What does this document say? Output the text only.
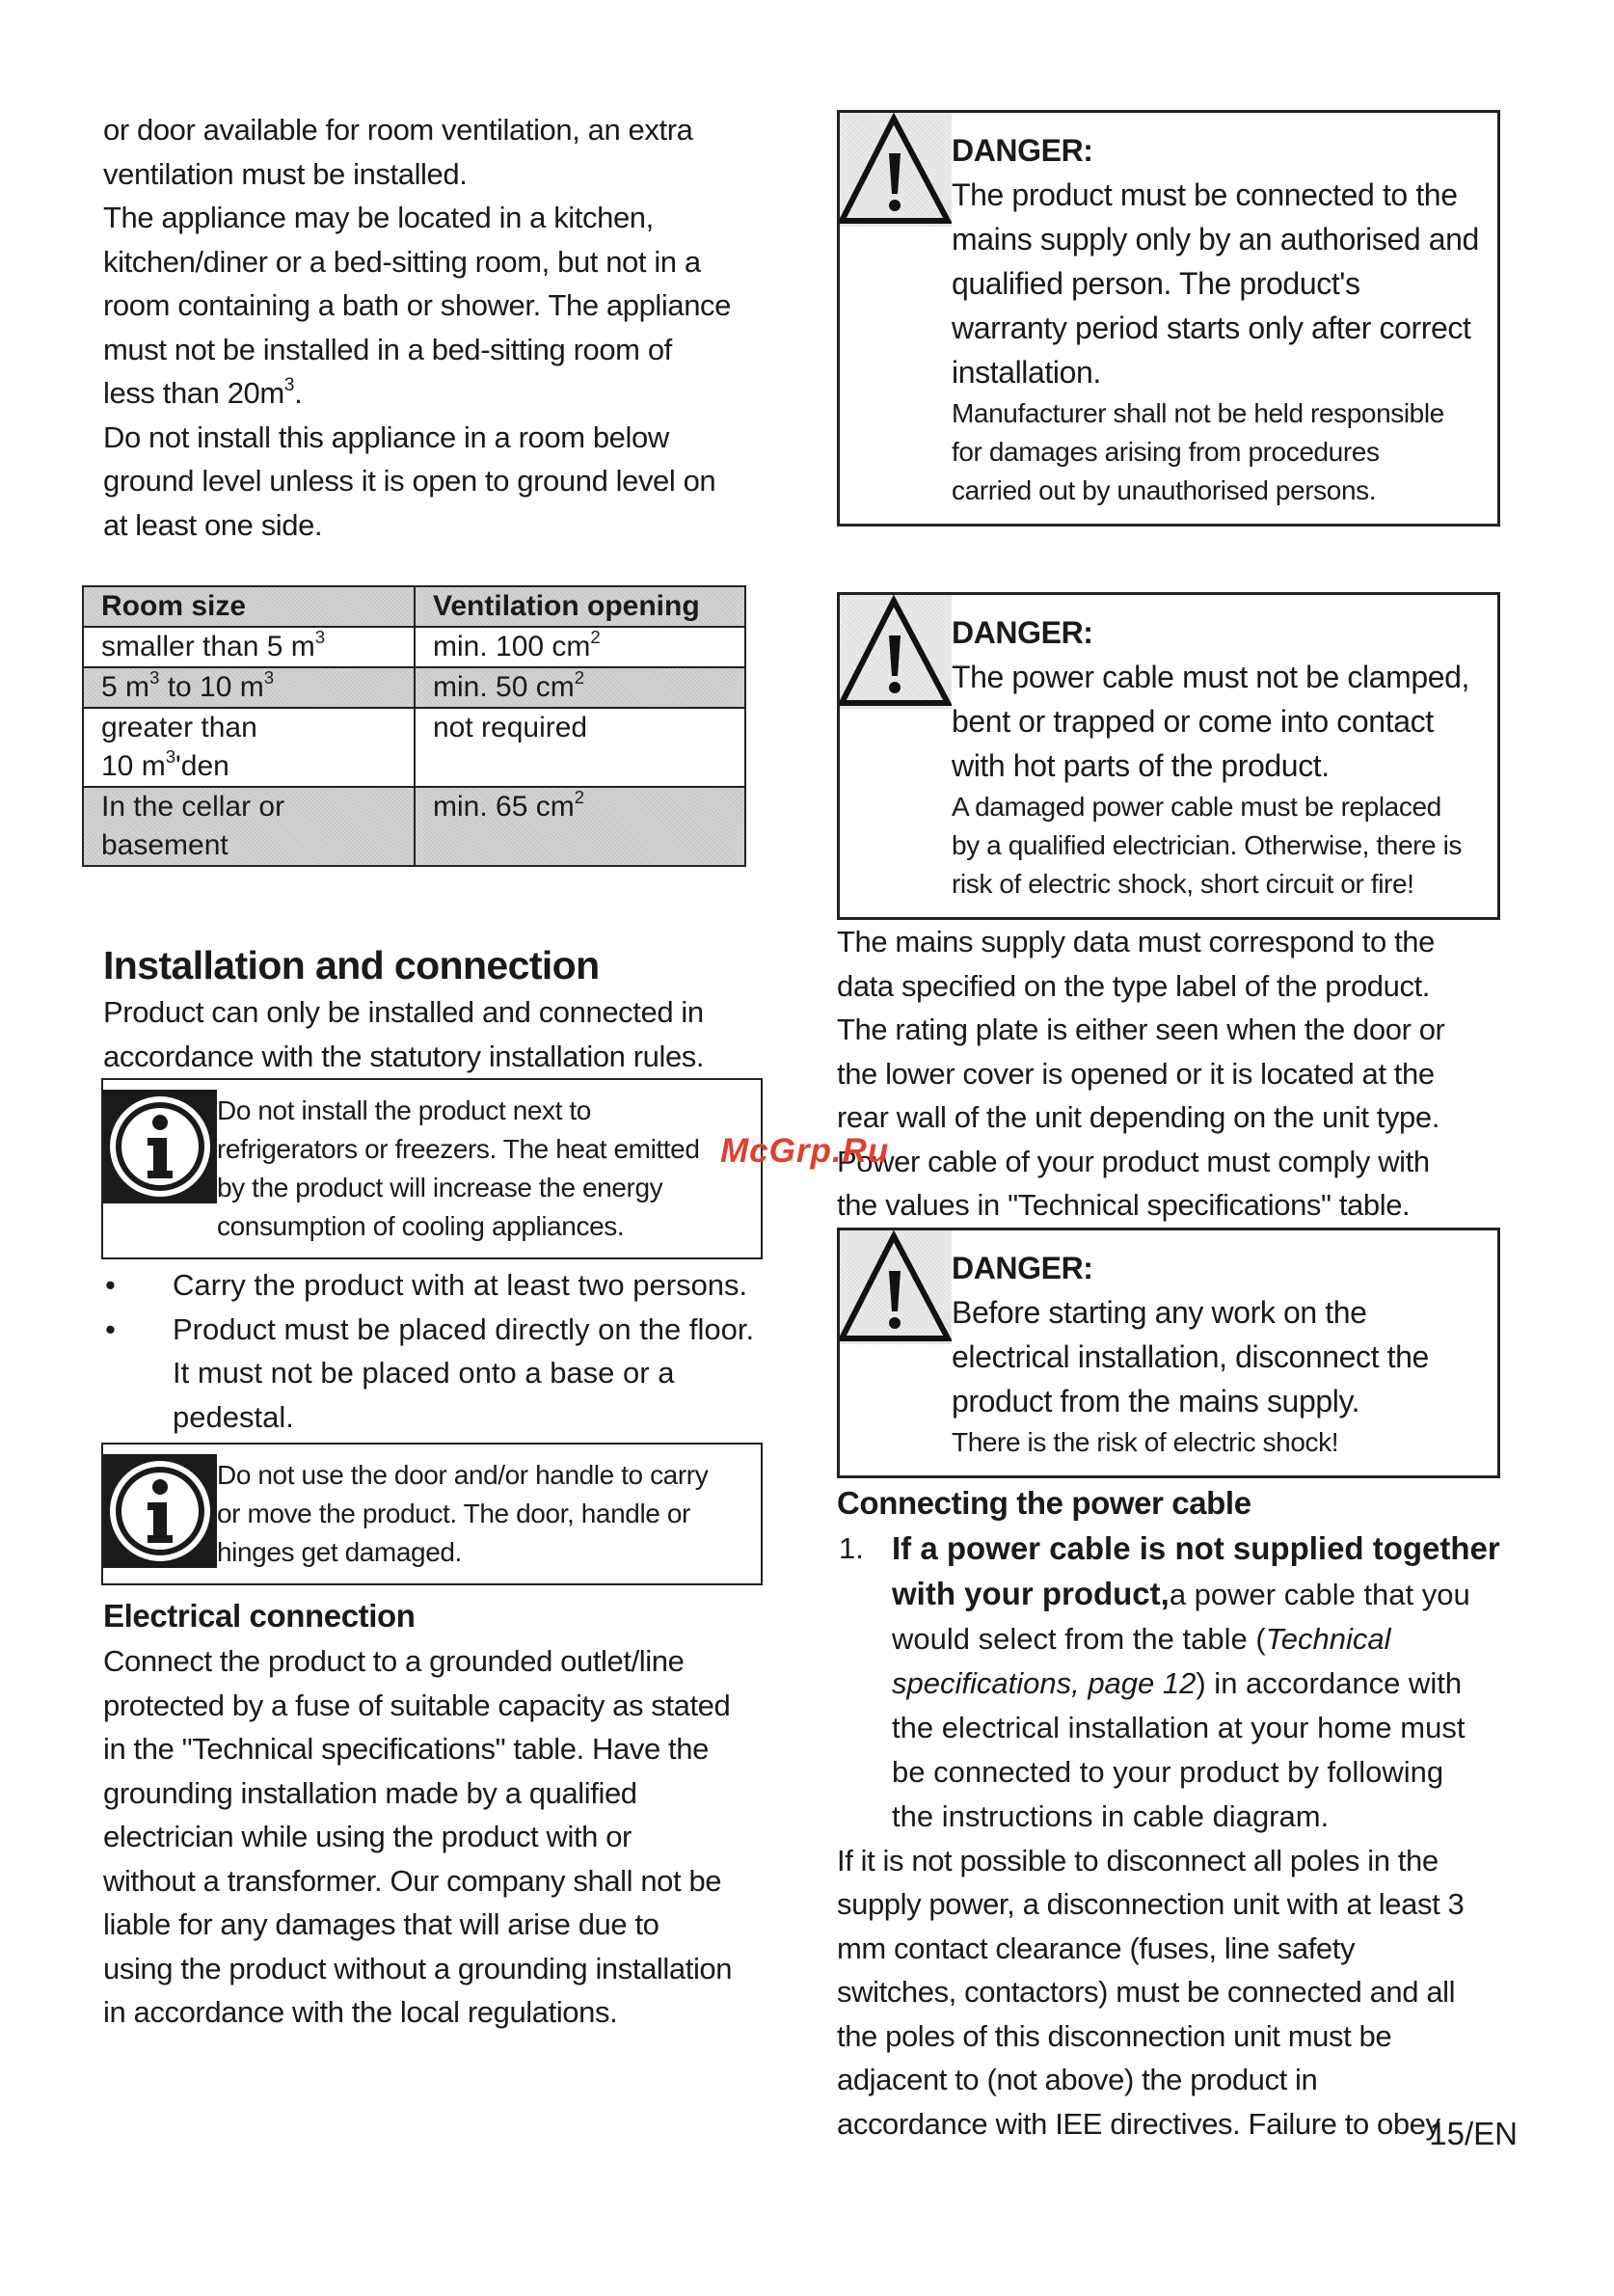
or door available for room ventilation, an extra

ventilation must be installed.

The appliance may be located in a kitchen,

kitchen/diner or a bed-sitting room, but not in a

room containing a bath or shower. The appliance

must not be installed in a bed-sitting room of

less than $20m^3$.

Do not install this appliance in a room below

ground level unless it is open to ground level on

at least one side.

Room size	Ventilation opening
smaller than 5 $m^3$	min. 100 $cm^2$
5 $m^3$ to 10 $m^3$	min. 50 $cm^2$
greater than
10 $m^3'den$	not required
In the cellar or
basement	min. 65 $cm^2$
Installation and connection

Product can only be installed and connected in

accordance with the statutory installation rules.

Do not install the product next to

refrigerators or freezers. The heat emitted

by the product will increase the energy

consumption of cooling appliances.

• Carry the product with at least two persons.
• Product must be placed directly on the floor.
It must not be placed onto a base or a
pedestal.

Do not use the door and/or handle to carry

or move the product. The door, handle or

hinges get damaged.

Electrical connection

Connect the product to a grounded outlet/line

protected by a fuse of suitable capacity as stated

in the "Technical specifications" table. Have the

grounding installation made by a qualified

electrician while using the product with or

without a transformer. Our company shall not be

liable for any damages that will arise due to

using the product without a grounding installation

in accordance with the local regulations.

DANGER:

The product must be connected to the

mains supply only by an authorised and

qualified person. The product's

warranty period starts only after correct

installation.

Manufacturer shall not be held responsible

for damages arising from procedures

carried out by unauthorised persons.

DANGER:

The power cable must not be clamped,

bent or trapped or come into contact

with hot parts of the product.

A damaged power cable must be replaced

by a qualified electrician. Otherwise, there is

risk of electric shock, short circuit or fire!

The mains supply data must correspond to the

data specified on the type label of the product.

The rating plate is either seen when the door or

the lower cover is opened or it is located at the

rear wall of the unit depending on the unit type.

Power cable of your product must comply with

the values in "Technical specifications" table.

DANGER:

Before starting any work on the

electrical installation, disconnect the

product from the mains supply.

There is the risk of electric shock!

Connecting the power cable
1. If a power cable is not supplied together
with your product,a power cable that you
would select from the table (Technical
specifications, page 12) in accordance with
the electrical installation at your home must
be connected to your product by following
the instructions in cable diagram.

If it is not possible to disconnect all poles in the

supply power, a disconnection unit with at least 3

mm contact clearance (fuses, line safety

switches, contactors) must be connected and all

the poles of this disconnection unit must be

adjacent to (not above) the product in

accordance with IEE directives. Failure to obey

McGrp.Ru
15/EN
